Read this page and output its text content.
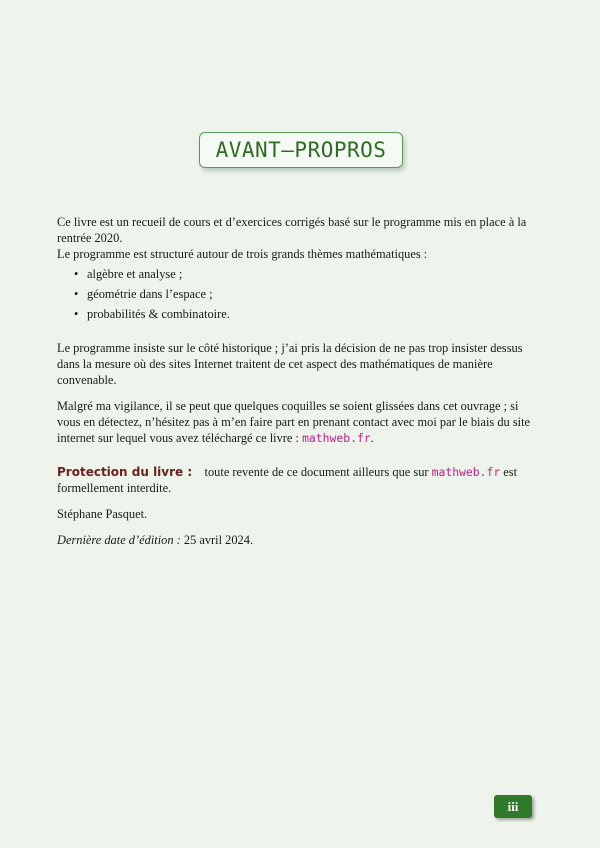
AVANT–PROPROS

Ce livre est un recueil de cours et d’exercices corrigés basé sur le programme mis en place à la rentrée 2020.
Le programme est structuré autour de trois grands thèmes mathématiques :

• algèbre et analyse ;
• géométrie dans l’espace ;
• probabilités & combinatoire.

Le programme insiste sur le côté historique ; j’ai pris la décision de ne pas trop insister dessus dans la mesure où des sites Internet traitent de cet aspect des mathématiques de manière convenable.

Malgré ma vigilance, il se peut que quelques coquilles se soient glissées dans cet ouvrage ; si vous en détectez, n’hésitez pas à m’en faire part en prenant contact avec moi par le biais du site internet sur lequel vous avez téléchargé ce livre : mathweb.fr.

Protection du livre : toute revente de ce document ailleurs que sur mathweb.fr est formellement interdite.

Stéphane Pasquet.

Dernière date d’édition : 25 avril 2024.

iii
